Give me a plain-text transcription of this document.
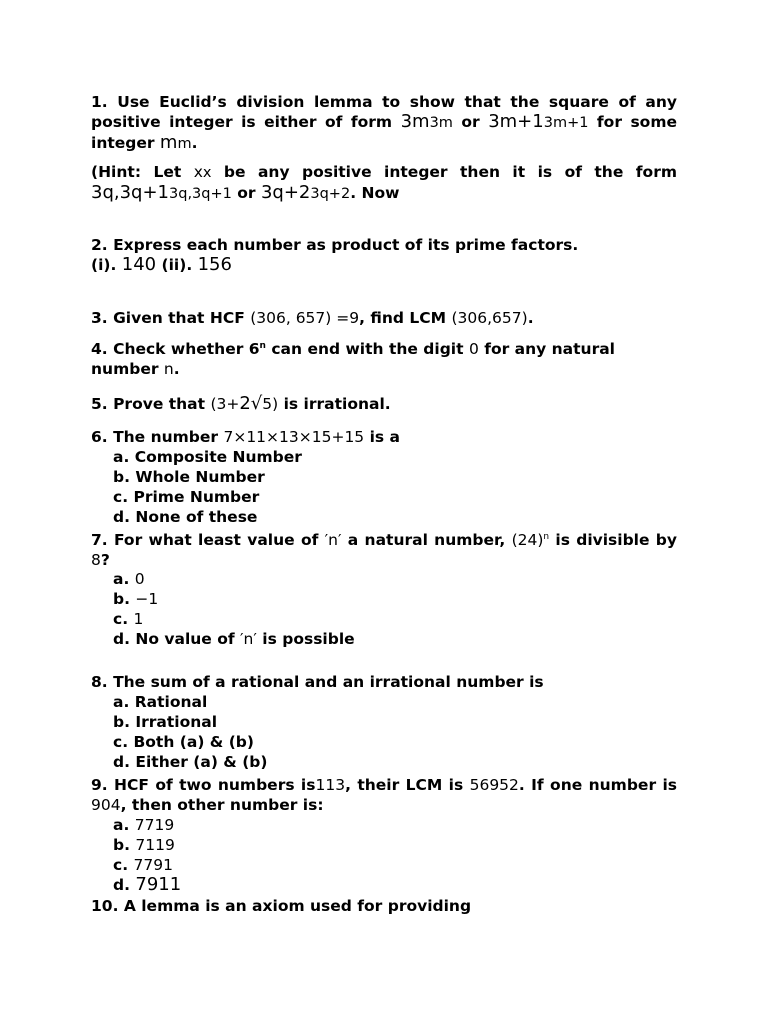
1. Use Euclid’s division lemma to show that the square of any positive integer is either of form 3m3m or 3m+13m+1 for some integer mm.
(Hint: Let xx be any positive integer then it is of the form 3q,3q+13q,3q+1 or 3q+23q+2. Now
2. Express each number as product of its prime factors.
(i). 140 (ii). 156
3. Given that HCF (306, 657) =9, find LCM (306,657).
4. Check whether 6$^n$ can end with the digit 0 for any natural number n.
5. Prove that (3+2√5) is irrational.
6. The number 7×11×13×15+15 is a
a. Composite Number
b. Whole Number
c. Prime Number
d. None of these
7. For what least value of ′n′ a natural number, $(24)^n$ is divisible by 8?
a. 0
b. −1
c. 1
d. No value of ′n′ is possible
8. The sum of a rational and an irrational number is
a. Rational
b. Irrational
c. Both (a) & (b)
d. Either (a) & (b)
9. HCF of two numbers is113, their LCM is 56952. If one number is 904, then other number is:
a. 7719
b. 7119
c. 7791
d. 7911
10. A lemma is an axiom used for providing
